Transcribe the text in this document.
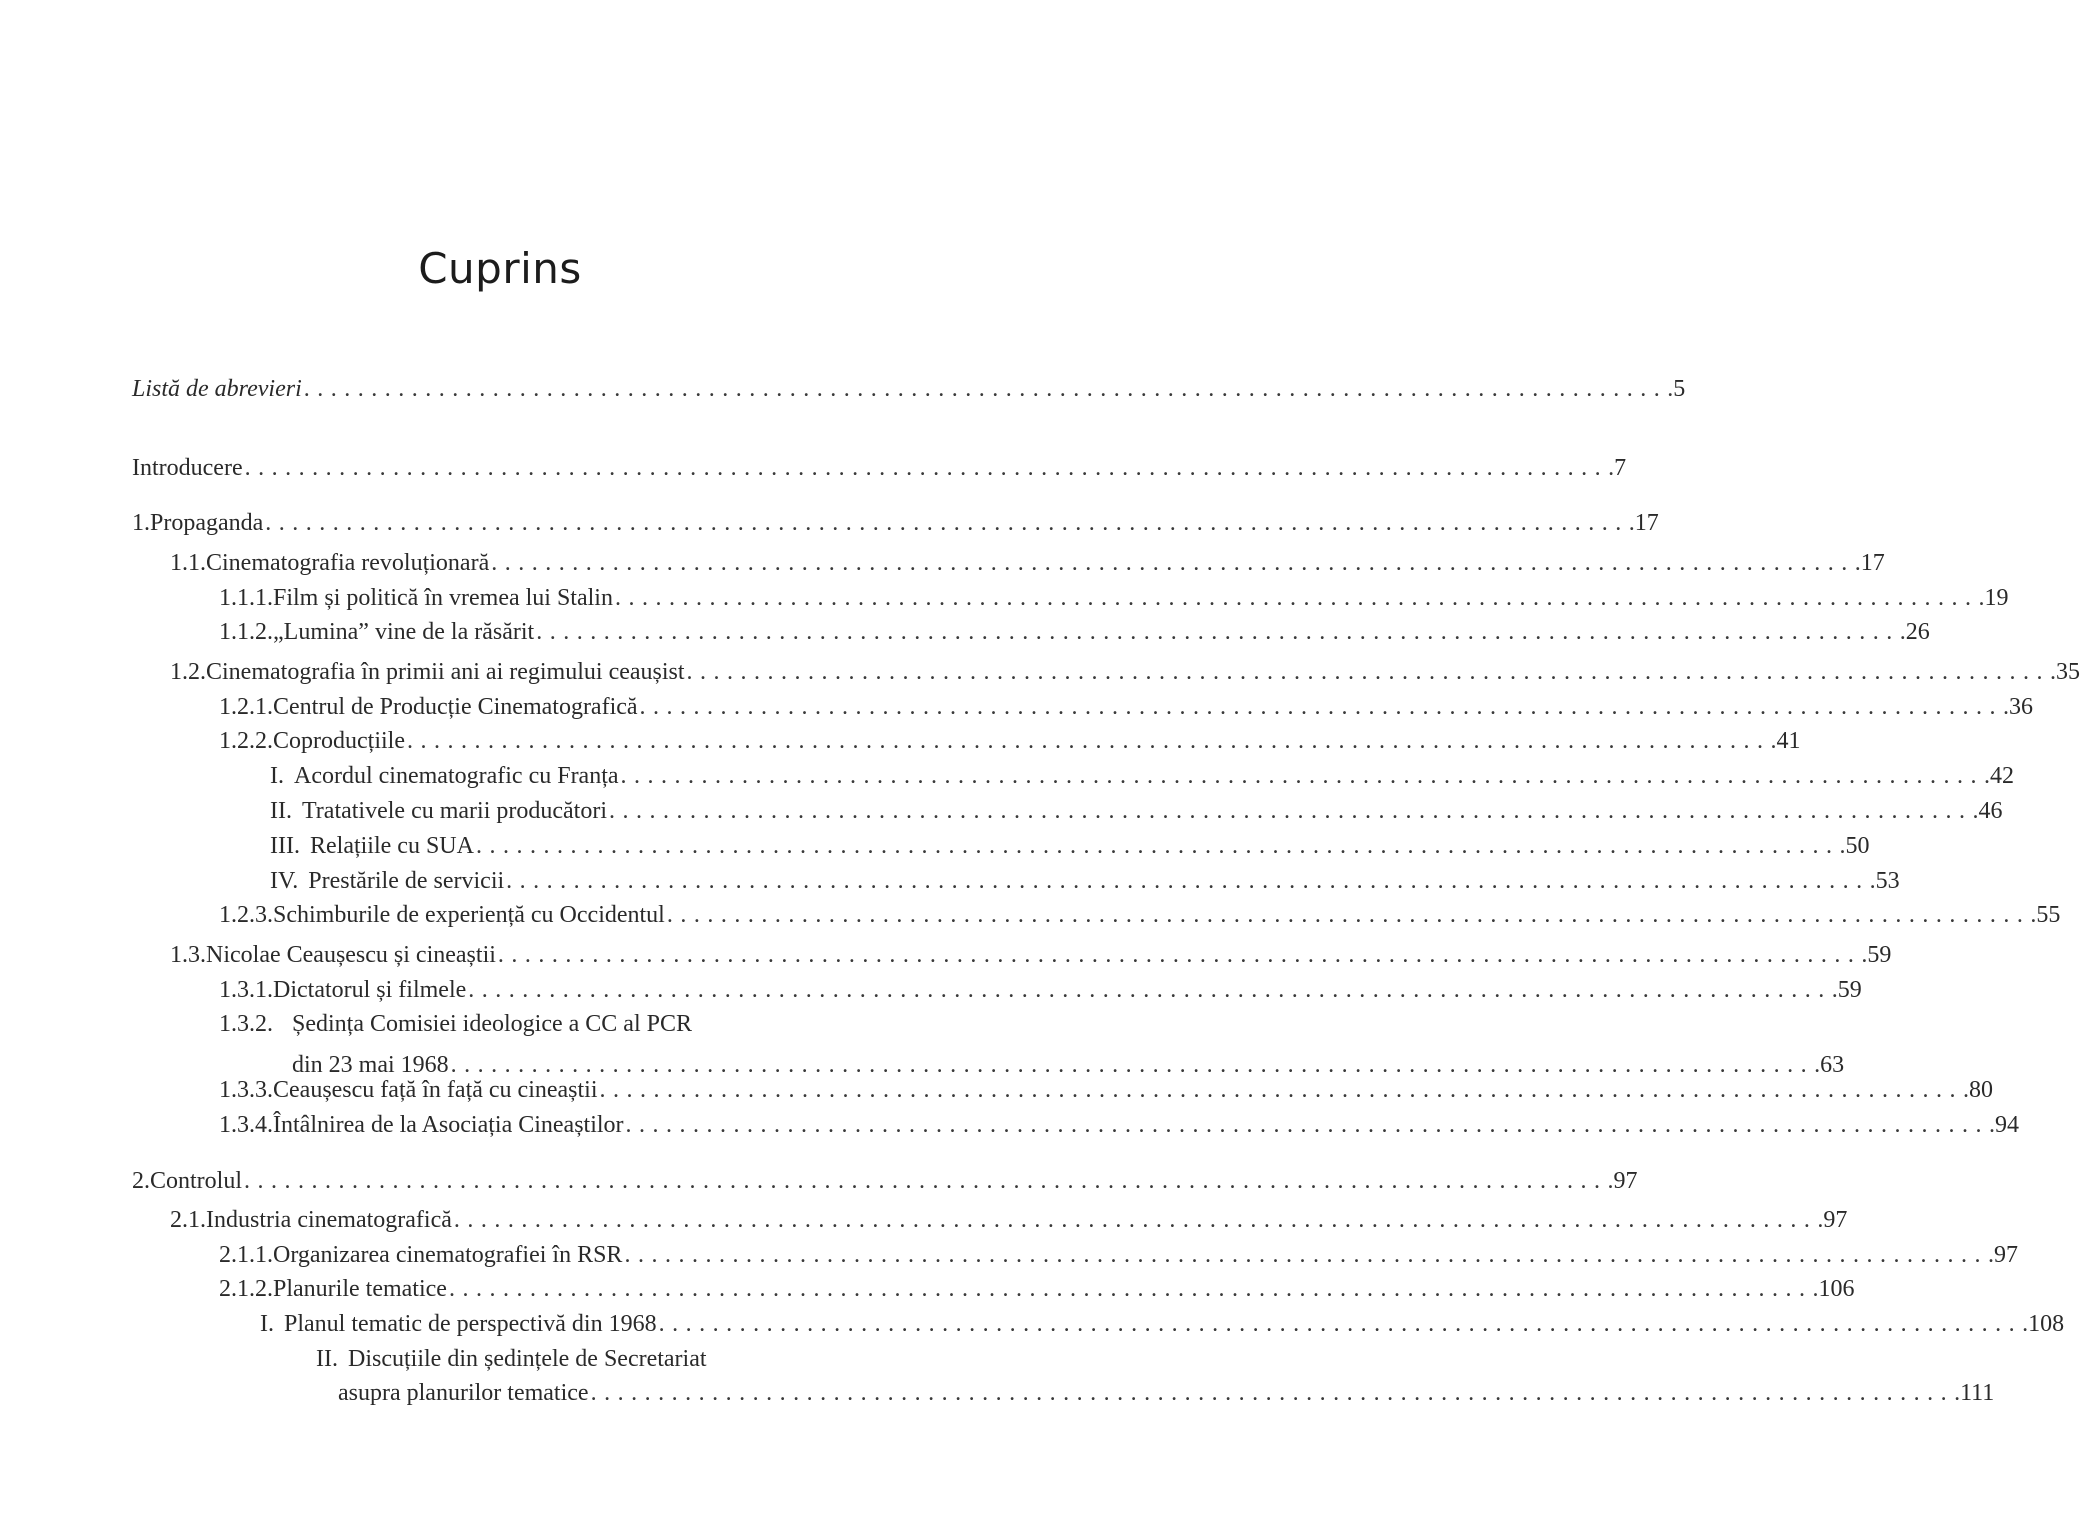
Cuprins
Listă de abrevieri . . .	5
Introducere . . .	7
1. Propaganda . . .	17
1.1. Cinematografia revoluționară . . .	17
1.1.1. Film și politică în vremea lui Stalin . . .	19
1.1.2. „Lumina” vine de la răsărit . . .	26
1.2. Cinematografia în primii ani ai regimului ceaușist . . .	35
1.2.1. Centrul de Producție Cinematografică . . .	36
1.2.2. Coproducțiile . . .	41
I. Acordul cinematografic cu Franța . . .	42
II. Tratativele cu marii producători . . .	46
III. Relațiile cu SUA . . .	50
IV. Prestările de servicii . . .	53
1.2.3. Schimburile de experiență cu Occidentul . . .	55
1.3. Nicolae Ceaușescu și cineaștii . . .	59
1.3.1. Dictatorul și filmele . . .	59
1.3.2. Ședința Comisiei ideologice a CC al PCR
din 23 mai 1968 . . .	63
1.3.3. Ceaușescu față în față cu cineaștii . . .	80
1.3.4. Întâlnirea de la Asociația Cineaștilor . . .	94
2. Controlul . . .	97
2.1. Industria cinematografică . . .	97
2.1.1. Organizarea cinematografiei în RSR . . .	97
2.1.2. Planurile tematice . . .	106
I. Planul tematic de perspectivă din 1968 . . .	108
II. Discuțiile din ședințele de Secretariat
asupra planurilor tematice . . .	111
